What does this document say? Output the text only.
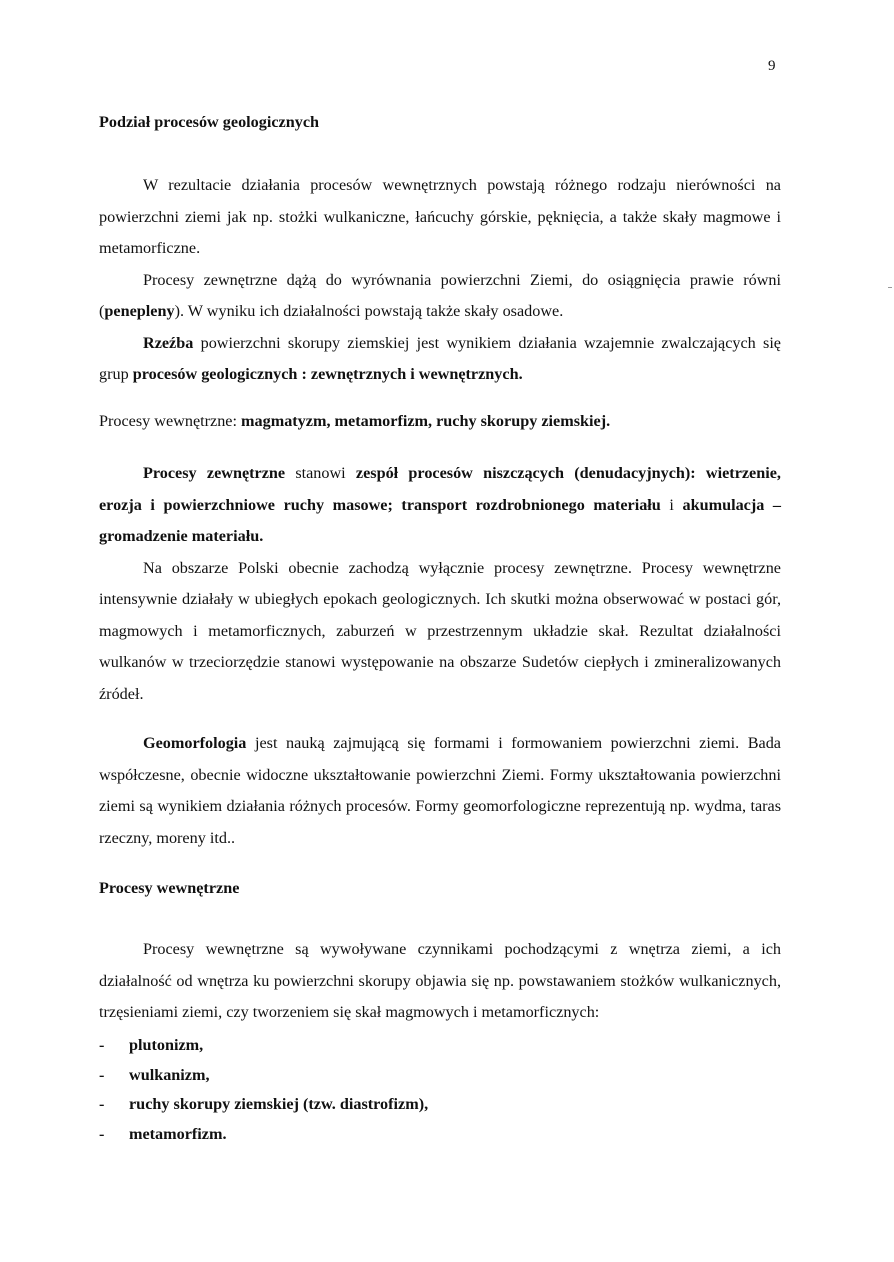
9
Podział procesów geologicznych

W rezultacie działania procesów wewnętrznych powstają różnego rodzaju nierówności na powierzchni ziemi jak np. stożki wulkaniczne, łańcuchy górskie, pęknięcia, a także skały magmowe i metamorficzne.

Procesy zewnętrzne dążą do wyrównania powierzchni Ziemi, do osiągnięcia prawie równi (penepleny). W wyniku ich działalności powstają także skały osadowe.

Rzeźba powierzchni skorupy ziemskiej jest wynikiem działania wzajemnie zwalczających się grup procesów geologicznych : zewnętrznych i wewnętrznych.

Procesy wewnętrzne: magmatyzm, metamorfizm, ruchy skorupy ziemskiej.

Procesy zewnętrzne stanowi zespół procesów niszczących (denudacyjnych): wietrzenie, erozja i powierzchniowe ruchy masowe; transport rozdrobnionego materiału i akumulacja – gromadzenie materiału.

Na obszarze Polski obecnie zachodzą wyłącznie procesy zewnętrzne. Procesy wewnętrzne intensywnie działały w ubiegłych epokach geologicznych. Ich skutki można obserwować w postaci gór, magmowych i metamorficznych, zaburzeń w przestrzennym układzie skał. Rezultat działalności wulkanów w trzeciorzędzie stanowi występowanie na obszarze Sudetów ciepłych i zmineralizowanych źródeł.

Geomorfologia jest nauką zajmującą się formami i formowaniem powierzchni ziemi. Bada współczesne, obecnie widoczne ukształtowanie powierzchni Ziemi. Formy ukształtowania powierzchni ziemi są wynikiem działania różnych procesów. Formy geomorfologiczne reprezentują np. wydma, taras rzeczny, moreny itd..

Procesy wewnętrzne

Procesy wewnętrzne są wywoływane czynnikami pochodzącymi z wnętrza ziemi, a ich działalność od wnętrza ku powierzchni skorupy objawia się np. powstawaniem stożków wulkanicznych, trzęsieniami ziemi, czy tworzeniem się skał magmowych i metamorficznych:

- plutonizm,
- wulkanizm,
- ruchy skorupy ziemskiej (tzw. diastrofizm),
- metamorfizm.
